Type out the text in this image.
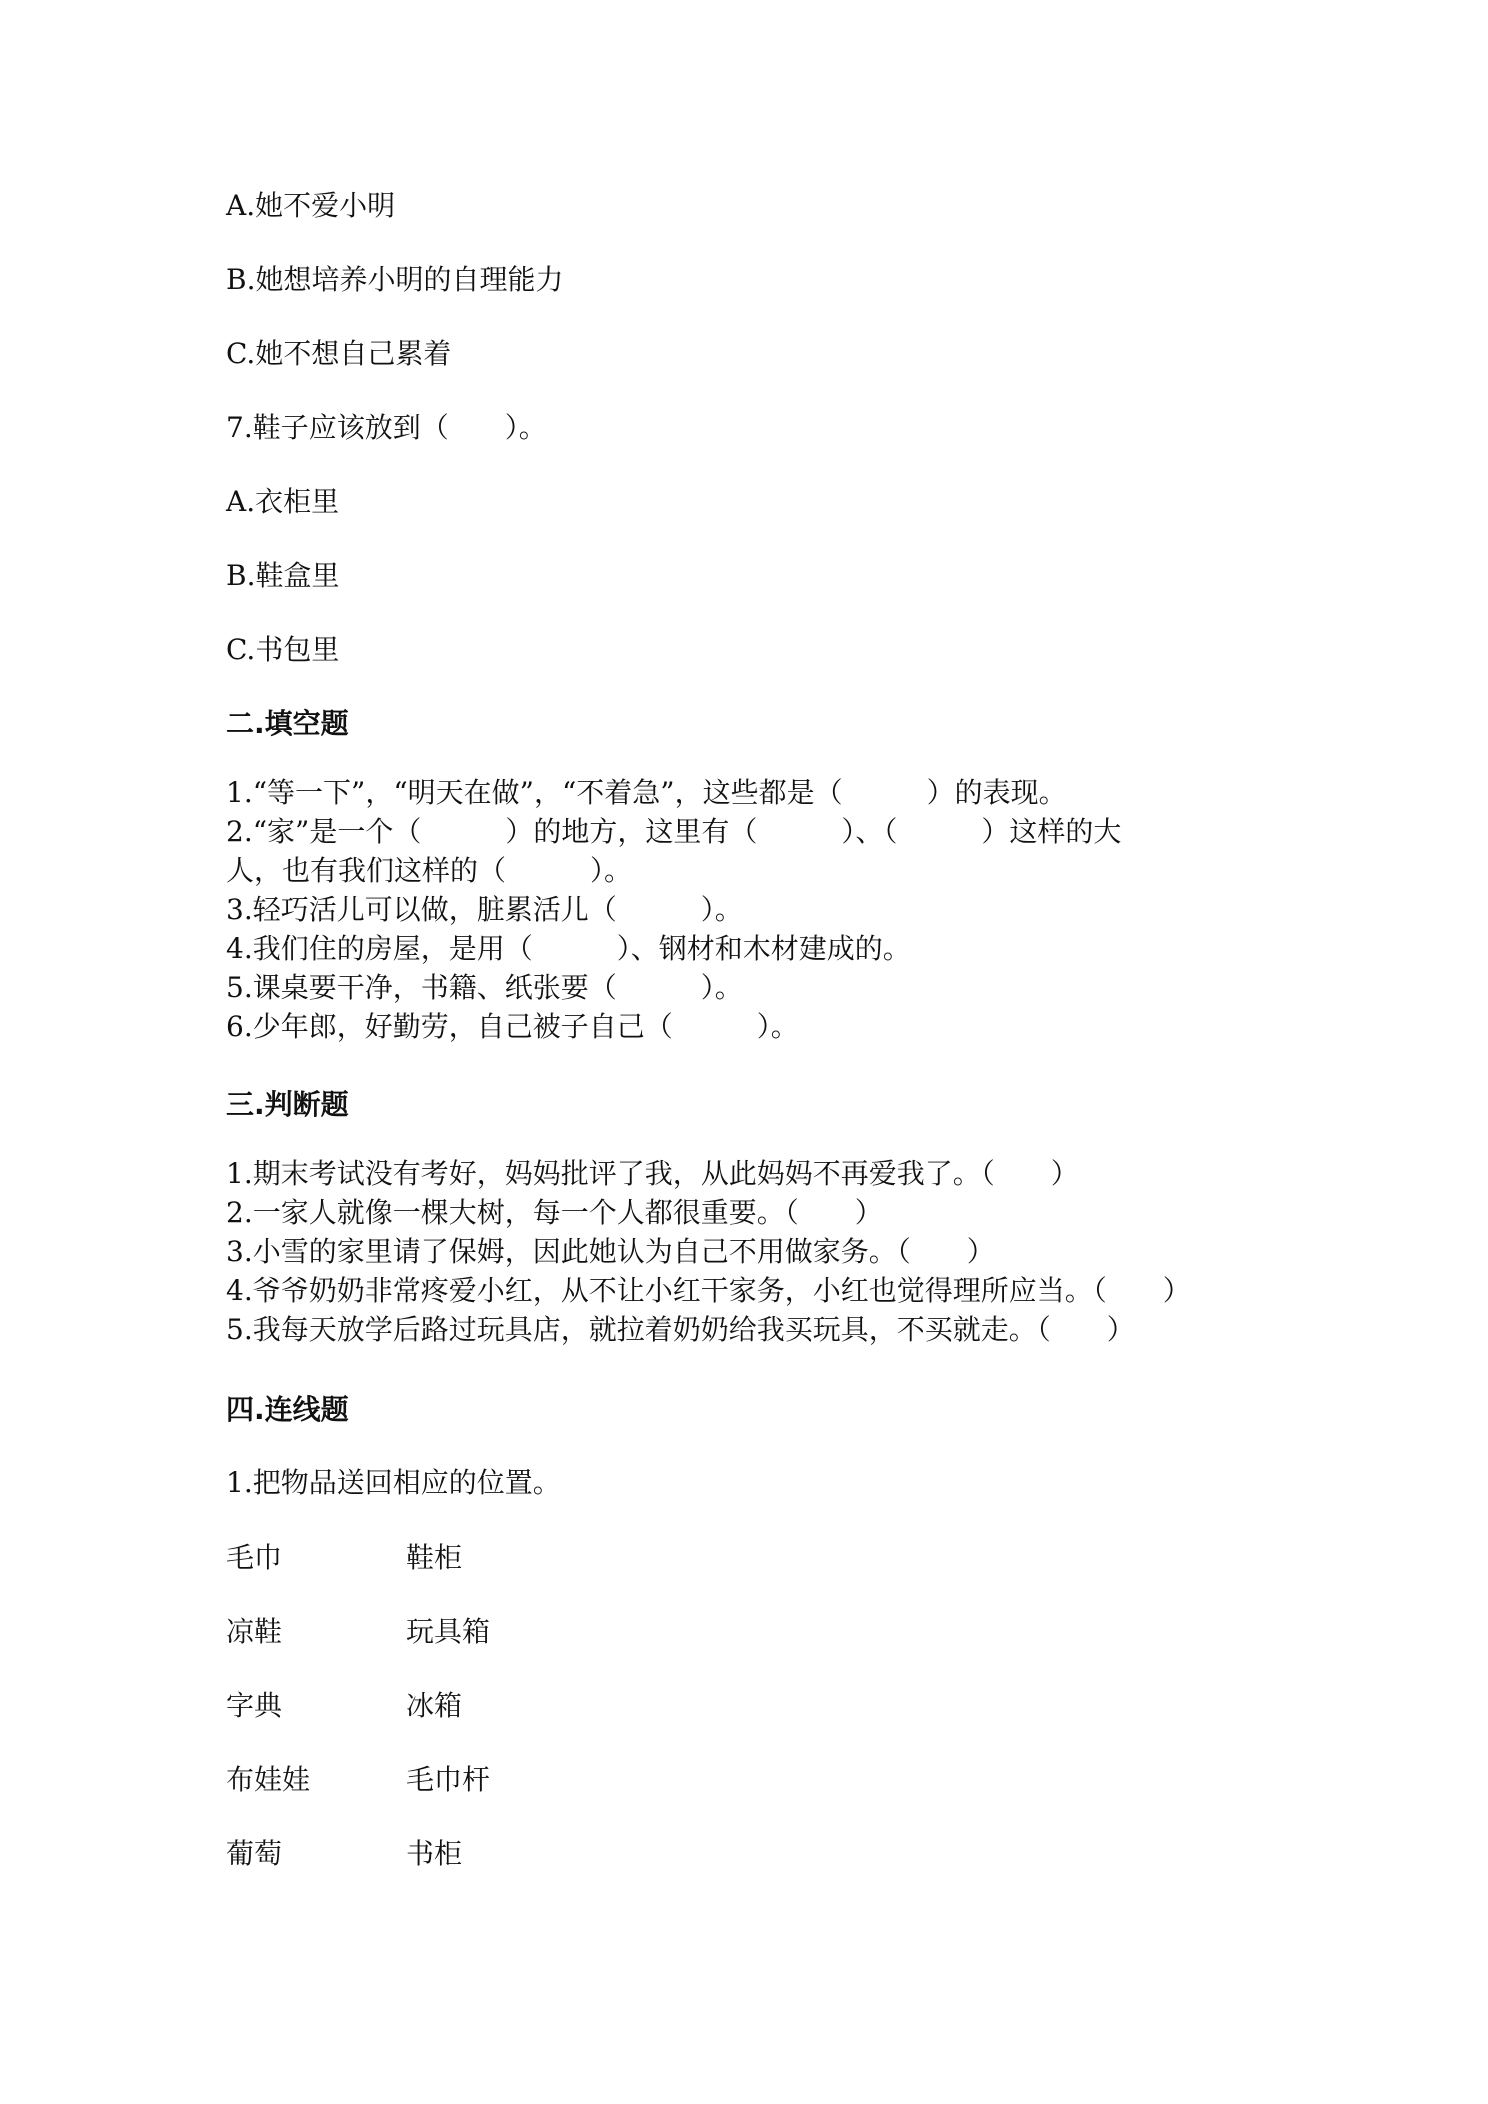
A.她不爱小明
B.她想培养小明的自理能力
C.她不想自己累着
7.鞋子应该放到（　　）。
A.衣柜里
B.鞋盒里
C.书包里
二.填空题
1.“等一下”，“明天在做”，“不着急”，这些都是（　　　）的表现。
2.“家”是一个（　　　）的地方，这里有（　　　）、（　　　）这样的大
人，也有我们这样的（　　　）。
3.轻巧活儿可以做，脏累活儿（　　　）。
4.我们住的房屋，是用（　　　）、钢材和木材建成的。
5.课桌要干净，书籍、纸张要（　　　）。
6.少年郎，好勤劳，自己被子自己（　　　）。
三.判断题
1.期末考试没有考好，妈妈批评了我，从此妈妈不再爱我了。（　　）
2.一家人就像一棵大树，每一个人都很重要。（　　）
3.小雪的家里请了保姆，因此她认为自己不用做家务。（　　）
4.爷爷奶奶非常疼爱小红，从不让小红干家务，小红也觉得理所应当。（　　）
5.我每天放学后路过玩具店，就拉着奶奶给我买玩具，不买就走。（　　）
四.连线题
1.把物品送回相应的位置。
毛巾	鞋柜
凉鞋	玩具箱
字典	冰箱
布娃娃	毛巾杆
葡萄	书柜
